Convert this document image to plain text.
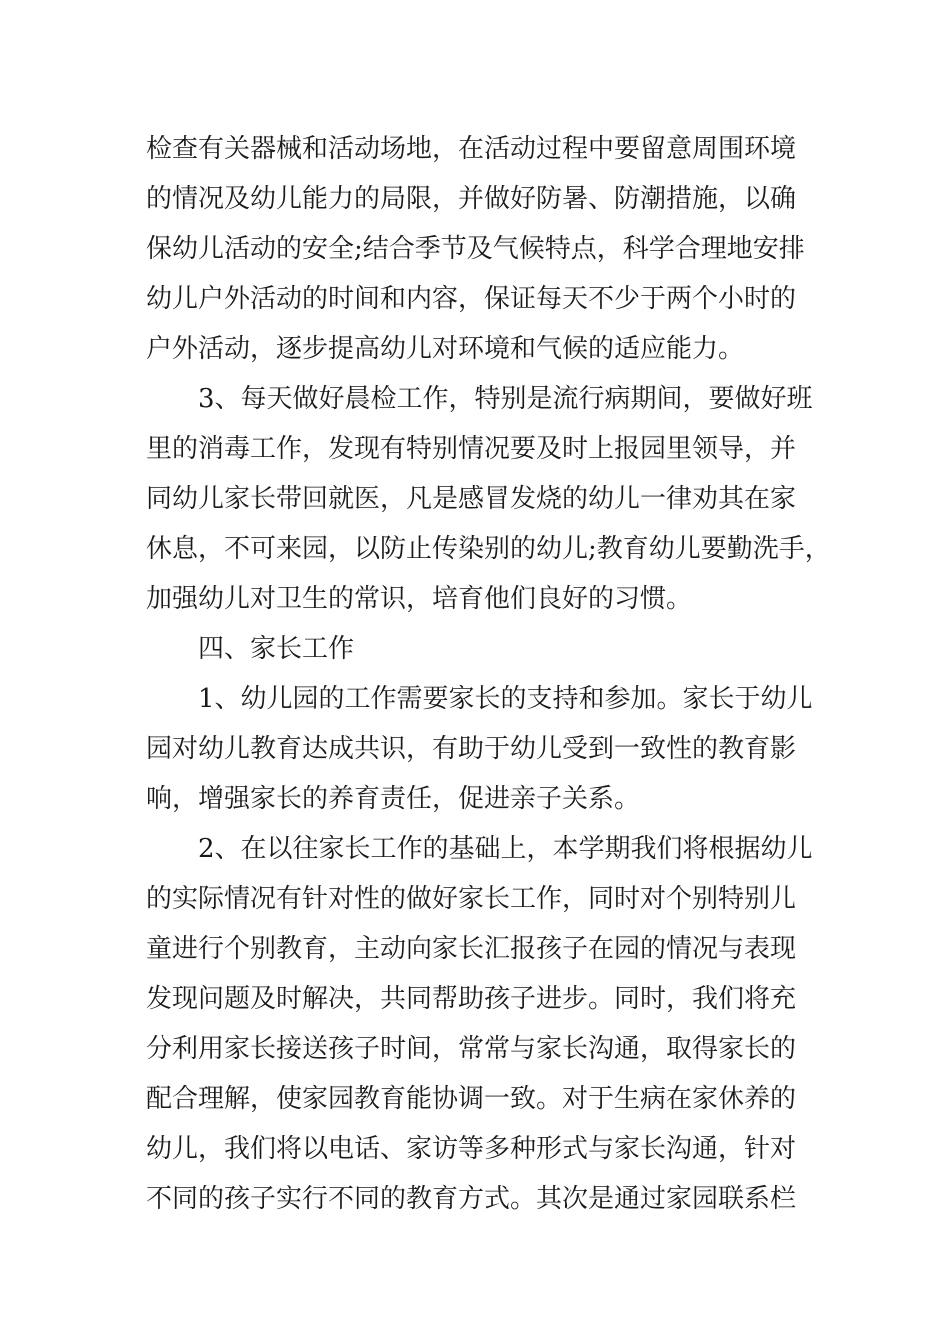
检查有关器械和活动场地，在活动过程中要留意周围环境
的情况及幼儿能力的局限，并做好防暑、防潮措施，以确
保幼儿活动的安全;结合季节及气候特点，科学合理地安排
幼儿户外活动的时间和内容，保证每天不少于两个小时的
户外活动，逐步提高幼儿对环境和气候的适应能力。
3、每天做好晨检工作，特别是流行病期间，要做好班
里的消毒工作，发现有特别情况要及时上报园里领导，并
同幼儿家长带回就医，凡是感冒发烧的幼儿一律劝其在家
休息，不可来园，以防止传染别的幼儿;教育幼儿要勤洗手，
加强幼儿对卫生的常识，培育他们良好的习惯。
四、家长工作
1、幼儿园的工作需要家长的支持和参加。家长于幼儿
园对幼儿教育达成共识，有助于幼儿受到一致性的教育影
响，增强家长的养育责任，促进亲子关系。
2、在以往家长工作的基础上，本学期我们将根据幼儿
的实际情况有针对性的做好家长工作，同时对个别特别儿
童进行个别教育，主动向家长汇报孩子在园的情况与表现
发现问题及时解决，共同帮助孩子进步。同时，我们将充
分利用家长接送孩子时间，常常与家长沟通，取得家长的
配合理解，使家园教育能协调一致。对于生病在家休养的
幼儿，我们将以电话、家访等多种形式与家长沟通，针对
不同的孩子实行不同的教育方式。其次是通过家园联系栏
